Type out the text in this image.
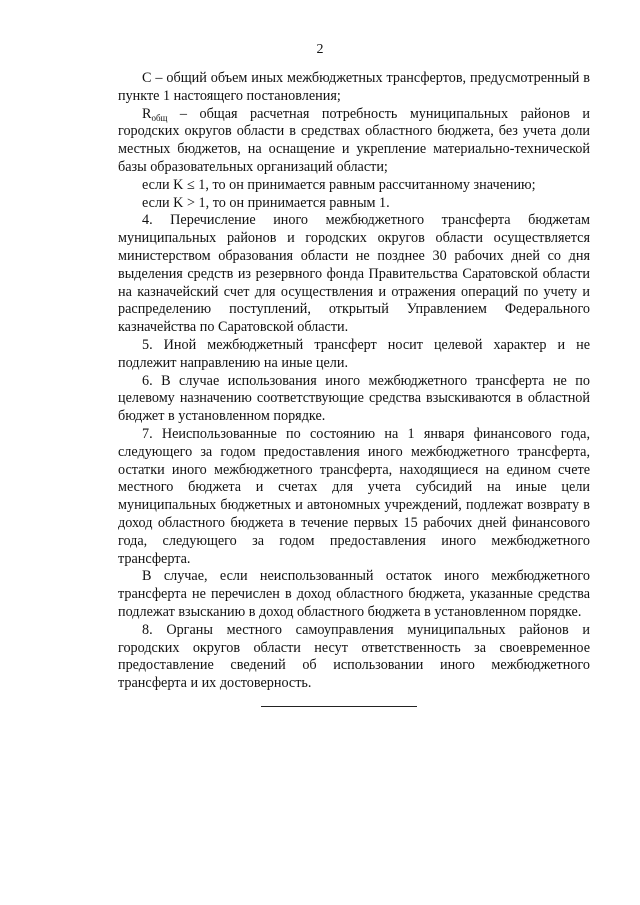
2

C – общий объем иных межбюджетных трансфертов, предусмотренный в пункте 1 настоящего постановления;

$R_{общ}$ – общая расчетная потребность муниципальных районов и городских округов области в средствах областного бюджета, без учета доли местных бюджетов, на оснащение и укрепление материально-технической базы образовательных организаций области;

если K ≤ 1, то он принимается равным рассчитанному значению;

если K > 1, то он принимается равным 1.

4. Перечисление иного межбюджетного трансферта бюджетам муниципальных районов и городских округов области осуществляется министерством образования области не позднее 30 рабочих дней со дня выделения средств из резервного фонда Правительства Саратовской области на казначейский счет для осуществления и отражения операций по учету и распределению поступлений, открытый Управлением Федерального казначейства по Саратовской области.

5. Иной межбюджетный трансферт носит целевой характер и не подлежит направлению на иные цели.

6. В случае использования иного межбюджетного трансферта не по целевому назначению соответствующие средства взыскиваются в областной бюджет в установленном порядке.

7. Неиспользованные по состоянию на 1 января финансового года, следующего за годом предоставления иного межбюджетного трансферта, остатки иного межбюджетного трансферта, находящиеся на едином счете местного бюджета и счетах для учета субсидий на иные цели муниципальных бюджетных и автономных учреждений, подлежат возврату в доход областного бюджета в течение первых 15 рабочих дней финансового года, следующего за годом предоставления иного межбюджетного трансферта.

В случае, если неиспользованный остаток иного межбюджетного трансферта не перечислен в доход областного бюджета, указанные средства подлежат взысканию в доход областного бюджета в установленном порядке.

8. Органы местного самоуправления муниципальных районов и городских округов области несут ответственность за своевременное предоставление сведений об использовании иного межбюджетного трансферта и их достоверность.
